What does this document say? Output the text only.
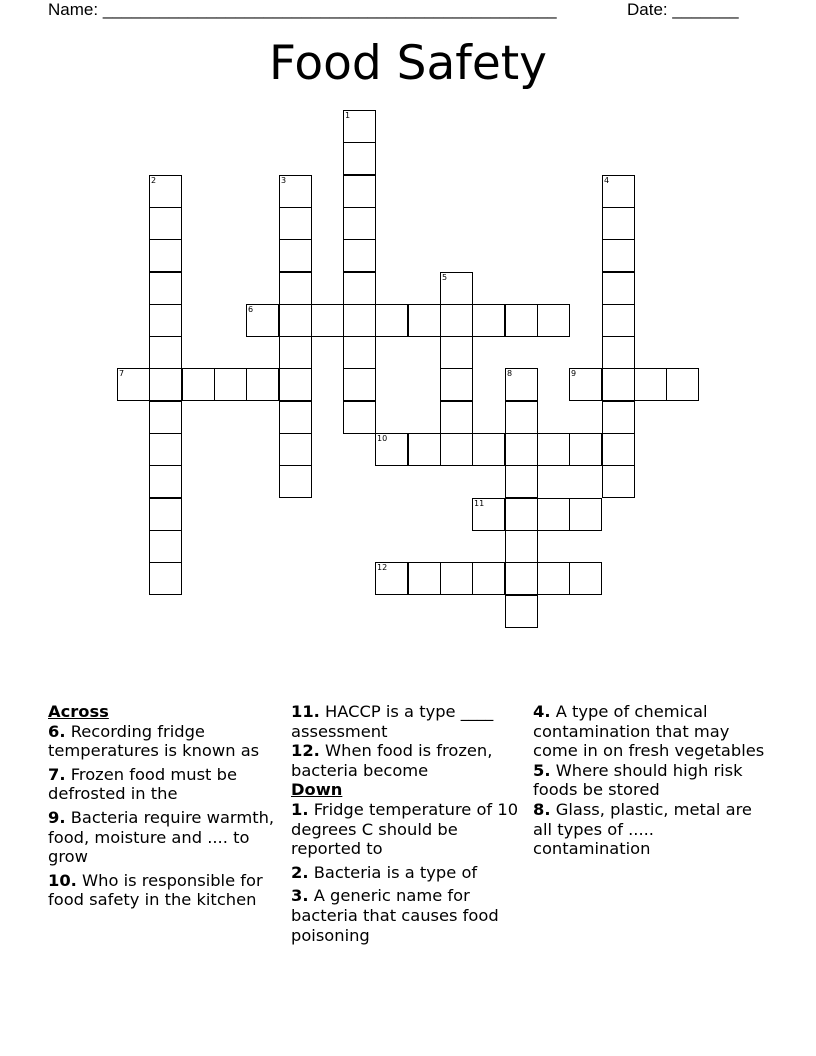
Name: ________________________________________________	Date: _______
Food Safety
1
2	3	4
5
6
7	8	9
10
11
12
Across
6. Recording fridge temperatures is known as
7. Frozen food must be defrosted in the
9. Bacteria require warmth, food, moisture and .... to grow
10. Who is responsible for food safety in the kitchen
11. HACCP is a type ____ assessment
12. When food is frozen, bacteria become
Down
1. Fridge temperature of 10 degrees C should be reported to
2. Bacteria is a type of
3. A generic name for bacteria that causes food poisoning
4. A type of chemical contamination that may come in on fresh vegetables
5. Where should high risk foods be stored
8. Glass, plastic, metal are all types of ..... contamination
